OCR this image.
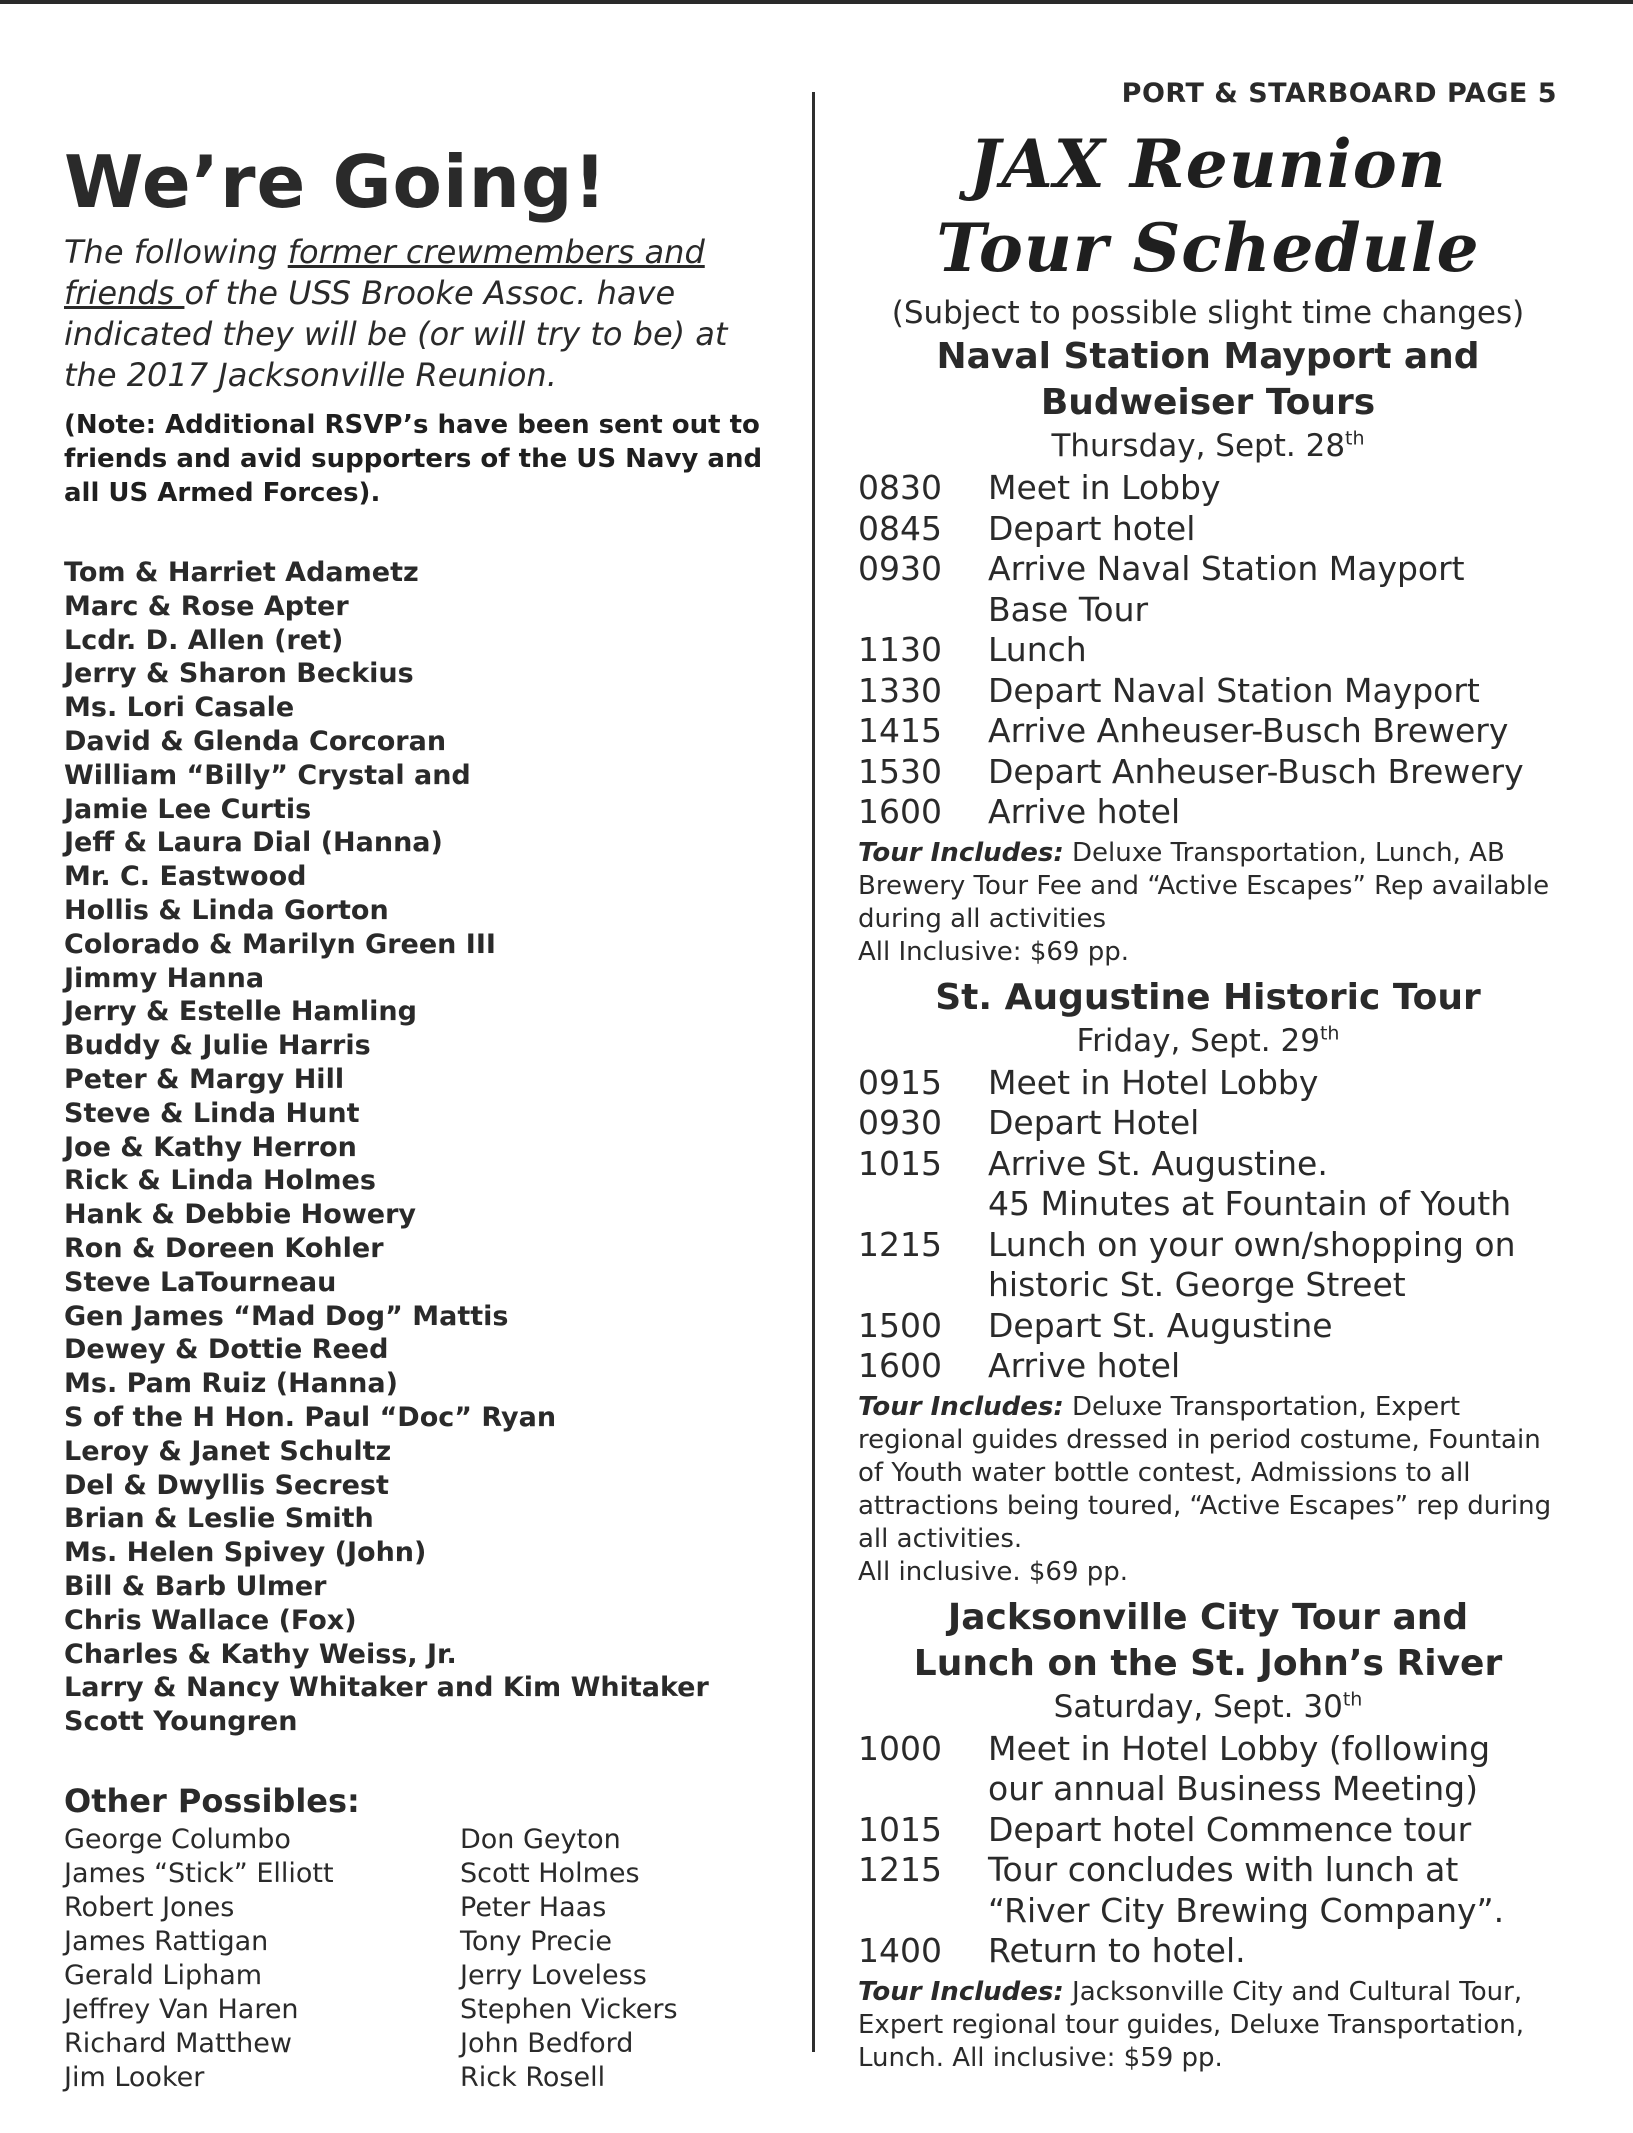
We’re Going!

The following former crewmembers and friends of the USS Brooke Assoc. have indicated they will be (or will try to be) at the 2017 Jacksonville Reunion.

(Note: Additional RSVP’s have been sent out to friends and avid supporters of the US Navy and all US Armed Forces).

Tom & Harriet Adametz
Marc & Rose Apter
Lcdr. D. Allen (ret)
Jerry & Sharon Beckius
Ms. Lori Casale
David & Glenda Corcoran
William “Billy” Crystal and
Jamie Lee Curtis
Jeff & Laura Dial (Hanna)
Mr. C. Eastwood
Hollis & Linda Gorton
Colorado & Marilyn Green III
Jimmy Hanna
Jerry & Estelle Hamling
Buddy & Julie Harris
Peter & Margy Hill
Steve & Linda Hunt
Joe & Kathy Herron
Rick & Linda Holmes
Hank & Debbie Howery
Ron & Doreen Kohler
Steve LaTourneau
Gen James “Mad Dog” Mattis
Dewey & Dottie Reed
Ms. Pam Ruiz (Hanna)
S of the H Hon. Paul “Doc” Ryan
Leroy & Janet Schultz
Del & Dwyllis Secrest
Brian & Leslie Smith
Ms. Helen Spivey (John)
Bill & Barb Ulmer
Chris Wallace (Fox)
Charles & Kathy Weiss, Jr.
Larry & Nancy Whitaker and Kim Whitaker
Scott Youngren
Other Possibles:
George Columbo
James “Stick” Elliott
Robert Jones
James Rattigan
Gerald Lipham
Jeffrey Van Haren
Richard Matthew
Jim Looker
Don Geyton
Scott Holmes
Peter Haas
Tony Precie
Jerry Loveless
Stephen Vickers
John Bedford
Rick Rosell
PORT & STARBOARD PAGE 5
JAX Reunion
Tour Schedule
(Subject to possible slight time changes)
Naval Station Mayport and
Budweiser Tours
Thursday, Sept. 28th
0830	Meet in Lobby
0845	Depart hotel
0930	Arrive Naval Station Mayport
Base Tour
1130	Lunch
1330	Depart Naval Station Mayport
1415	Arrive Anheuser-Busch Brewery
1530	Depart Anheuser-Busch Brewery
1600	Arrive hotel
Tour Includes: Deluxe Transportation, Lunch, AB Brewery Tour Fee and “Active Escapes” Rep available during all activities
All Inclusive: $69 pp.
St. Augustine Historic Tour
Friday, Sept. 29th
0915	Meet in Hotel Lobby
0930	Depart Hotel
1015	Arrive St. Augustine.
45 Minutes at Fountain of Youth
1215	Lunch on your own/shopping on
historic St. George Street
1500	Depart St. Augustine
1600	Arrive hotel
Tour Includes: Deluxe Transportation, Expert regional guides dressed in period costume, Fountain of Youth water bottle contest, Admissions to all attractions being toured, “Active Escapes” rep during all activities.
All inclusive. $69 pp.
Jacksonville City Tour and
Lunch on the St. John’s River
Saturday, Sept. 30th
1000	Meet in Hotel Lobby (following
our annual Business Meeting)
1015	Depart hotel Commence tour
1215	Tour concludes with lunch at
“River City Brewing Company”.
1400	Return to hotel.
Tour Includes: Jacksonville City and Cultural Tour, Expert regional tour guides, Deluxe Transportation, Lunch. All inclusive: $59 pp.
